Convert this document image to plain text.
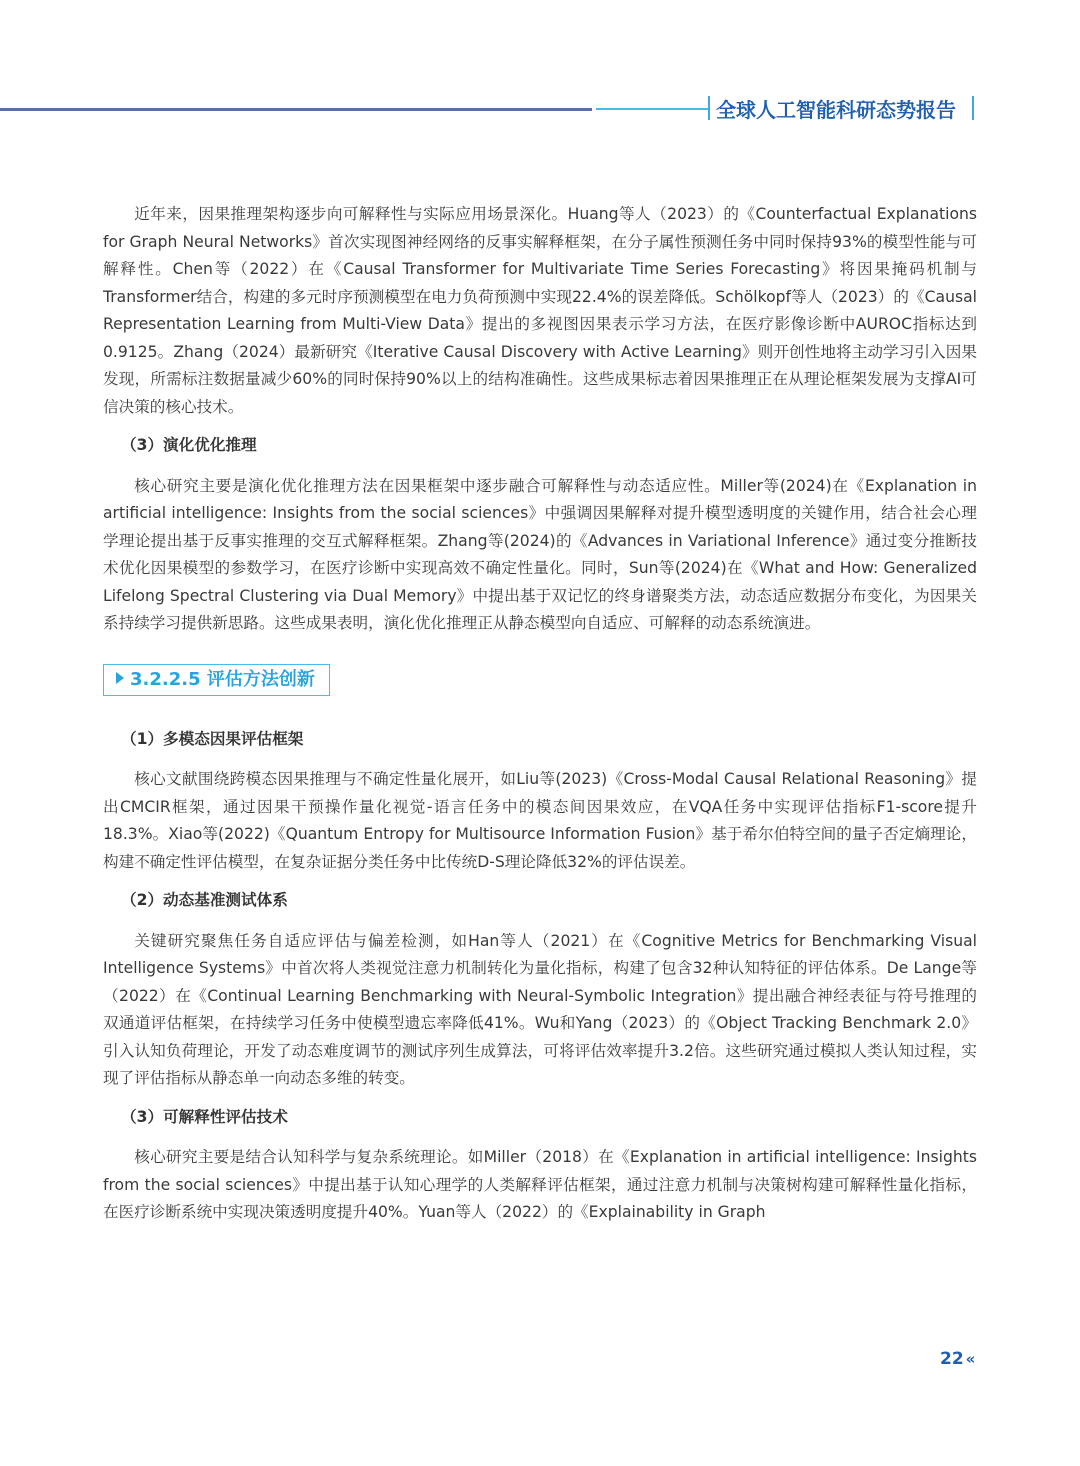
全球人工智能科研态势报告

近年来，因果推理架构逐步向可解释性与实际应用场景深化。Huang等人（2023）的《Counterfactual Explanations for Graph Neural Networks》首次实现图神经网络的反事实解释框架，在分子属性预测任务中同时保持93%的模型性能与可解释性。Chen等（2022）在《Causal Transformer for Multivariate Time Series Forecasting》将因果掩码机制与Transformer结合，构建的多元时序预测模型在电力负荷预测中实现22.4%的误差降低。Schölkopf等人（2023）的《Causal Representation Learning from Multi-View Data》提出的多视图因果表示学习方法，在医疗影像诊断中AUROC指标达到0.9125。Zhang（2024）最新研究《Iterative Causal Discovery with Active Learning》则开创性地将主动学习引入因果发现，所需标注数据量减少60%的同时保持90%以上的结构准确性。这些成果标志着因果推理正在从理论框架发展为支撑AI可信决策的核心技术。

（3）演化优化推理

核心研究主要是演化优化推理方法在因果框架中逐步融合可解释性与动态适应性。Miller等(2024)在《Explanation in artificial intelligence: Insights from the social sciences》中强调因果解释对提升模型透明度的关键作用，结合社会心理学理论提出基于反事实推理的交互式解释框架。Zhang等(2024)的《Advances in Variational Inference》通过变分推断技术优化因果模型的参数学习，在医疗诊断中实现高效不确定性量化。同时，Sun等(2024)在《What and How: Generalized Lifelong Spectral Clustering via Dual Memory》中提出基于双记忆的终身谱聚类方法，动态适应数据分布变化，为因果关系持续学习提供新思路。这些成果表明，演化优化推理正从静态模型向自适应、可解释的动态系统演进。

3.2.2.5 评估方法创新

（1）多模态因果评估框架

核心文献围绕跨模态因果推理与不确定性量化展开，如Liu等(2023)《Cross-Modal Causal Relational Reasoning》提出CMCIR框架，通过因果干预操作量化视觉-语言任务中的模态间因果效应，在VQA任务中实现评估指标F1-score提升18.3%。Xiao等(2022)《Quantum Entropy for Multisource Information Fusion》基于希尔伯特空间的量子否定熵理论，构建不确定性评估模型，在复杂证据分类任务中比传统D-S理论降低32%的评估误差。

（2）动态基准测试体系

关键研究聚焦任务自适应评估与偏差检测，如Han等人（2021）在《Cognitive Metrics for Benchmarking Visual Intelligence Systems》中首次将人类视觉注意力机制转化为量化指标，构建了包含32种认知特征的评估体系。De Lange等（2022）在《Continual Learning Benchmarking with Neural-Symbolic Integration》提出融合神经表征与符号推理的双通道评估框架，在持续学习任务中使模型遗忘率降低41%。Wu和Yang（2023）的《Object Tracking Benchmark 2.0》引入认知负荷理论，开发了动态难度调节的测试序列生成算法，可将评估效率提升3.2倍。这些研究通过模拟人类认知过程，实现了评估指标从静态单一向动态多维的转变。

（3）可解释性评估技术

核心研究主要是结合认知科学与复杂系统理论。如Miller（2018）在《Explanation in artificial intelligence: Insights from the social sciences》中提出基于认知心理学的人类解释评估框架，通过注意力机制与决策树构建可解释性量化指标，在医疗诊断系统中实现决策透明度提升40%。Yuan等人（2022）的《Explainability in Graph

22 «
